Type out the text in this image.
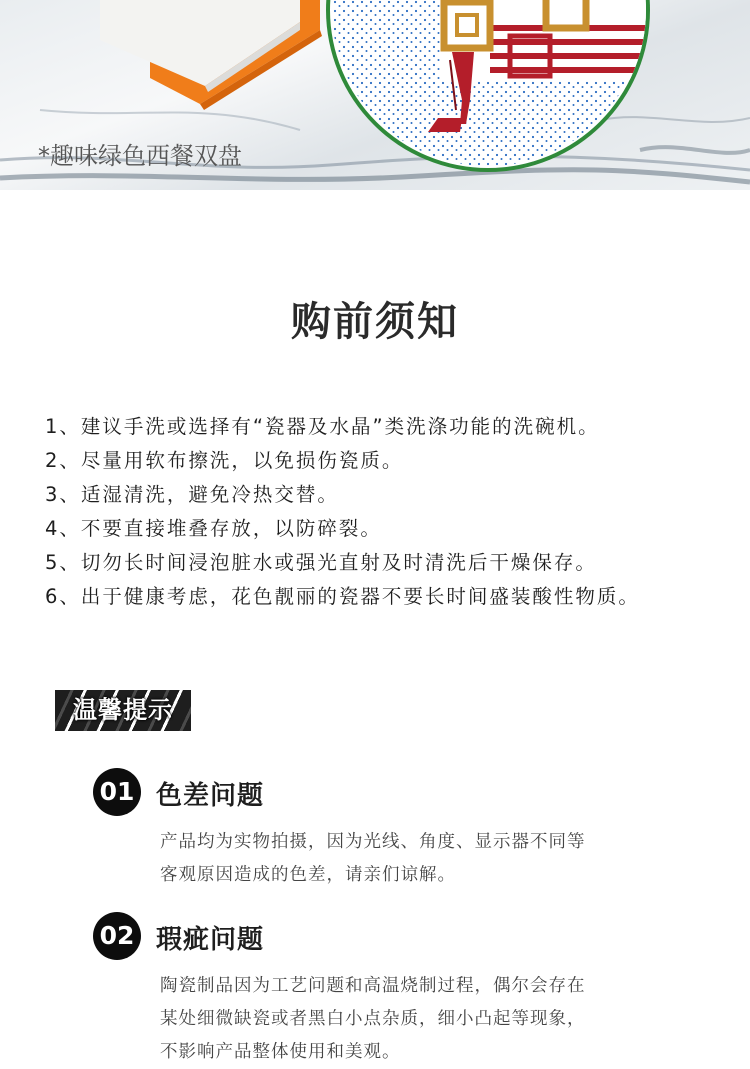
*趣味绿色西餐双盘
购前须知
1、建议手洗或选择有“瓷器及水晶”类洗涤功能的洗碗机。
2、尽量用软布擦洗，以免损伤瓷质。
3、适湿清洗，避免冷热交替。
4、不要直接堆叠存放，以防碎裂。
5、切勿长时间浸泡脏水或强光直射及时清洗后干燥保存。
6、出于健康考虑，花色靓丽的瓷器不要长时间盛装酸性物质。
温馨提示
01 色差问题

产品均为实物拍摄，因为光线、角度、显示器不同等

客观原因造成的色差，请亲们谅解。

02 瑕疵问题

陶瓷制品因为工艺问题和高温烧制过程，偶尔会存在

某处细微缺瓷或者黑白小点杂质，细小凸起等现象，

不影响产品整体使用和美观。
